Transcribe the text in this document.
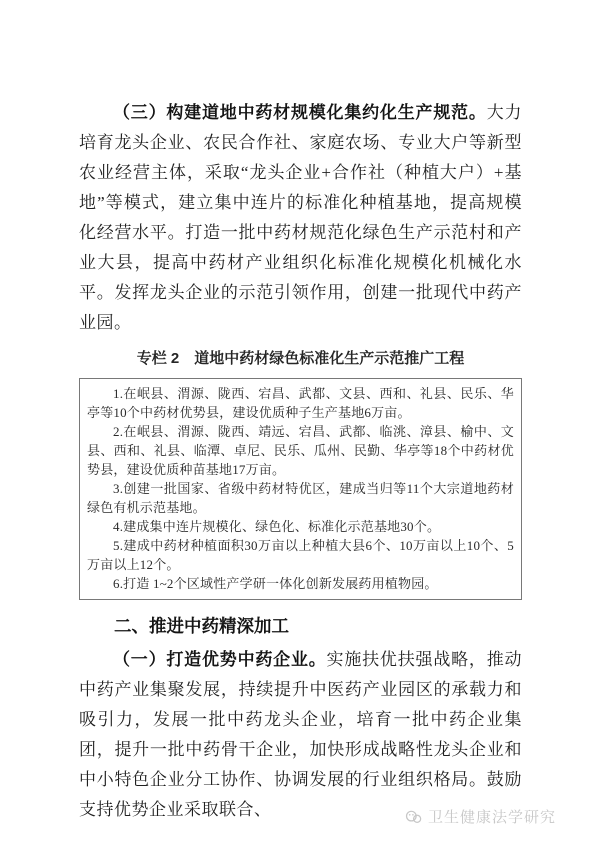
（三）构建道地中药材规模化集约化生产规范。大力培育龙头企业、农民合作社、家庭农场、专业大户等新型农业经营主体，采取“龙头企业+合作社（种植大户）+基地”等模式，建立集中连片的标准化种植基地，提高规模化经营水平。打造一批中药材规范化绿色生产示范村和产业大县，提高中药材产业组织化标准化规模化机械化水平。发挥龙头企业的示范引领作用，创建一批现代中药产业园。

专栏 2　道地中药材绿色标准化生产示范推广工程
1.在岷县、渭源、陇西、宕昌、武都、文县、西和、礼县、民乐、华亭等10个中药材优势县，建设优质种子生产基地6万亩。
2.在岷县、渭源、陇西、靖远、宕昌、武都、临洮、漳县、榆中、文县、西和、礼县、临潭、卓尼、民乐、瓜州、民勤、华亭等18个中药材优势县，建设优质种苗基地17万亩。
3.创建一批国家、省级中药材特优区，建成当归等11个大宗道地药材绿色有机示范基地。
4.建成集中连片规模化、绿色化、标准化示范基地30个。
5.建成中药材种植面积30万亩以上种植大县6个、10万亩以上10个、5万亩以上12个。
6.打造 1~2个区域性产学研一体化创新发展药用植物园。
二、推进中药精深加工

（一）打造优势中药企业。实施扶优扶强战略，推动中药产业集聚发展，持续提升中医药产业园区的承载力和吸引力，发展一批中药龙头企业，培育一批中药企业集团，提升一批中药骨干企业，加快形成战略性龙头企业和中小特色企业分工协作、协调发展的行业组织格局。鼓励支持优势企业采取联合、	卫生健康法学研究
